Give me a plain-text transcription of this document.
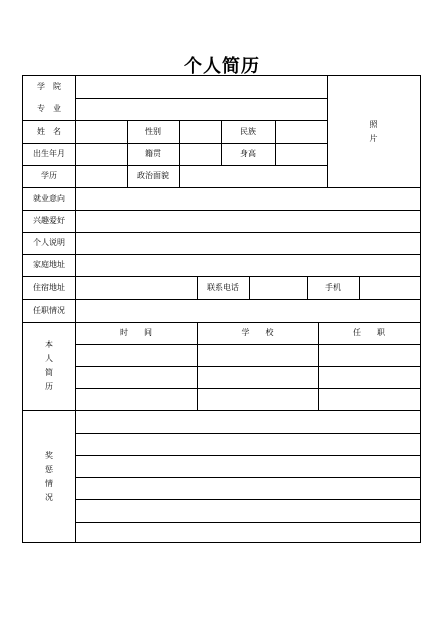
个人简历
学　院
专　业
姓　名	性别	民族
出生年月	籍贯	身高
学历	政治面貌
就业意向
兴趣爱好
个人说明
家庭地址
住宿地址	联系电话	手机
任职情况
照
片
本
人
简
历
时　　间	学　　校	任　　职
奖
惩
情
况
